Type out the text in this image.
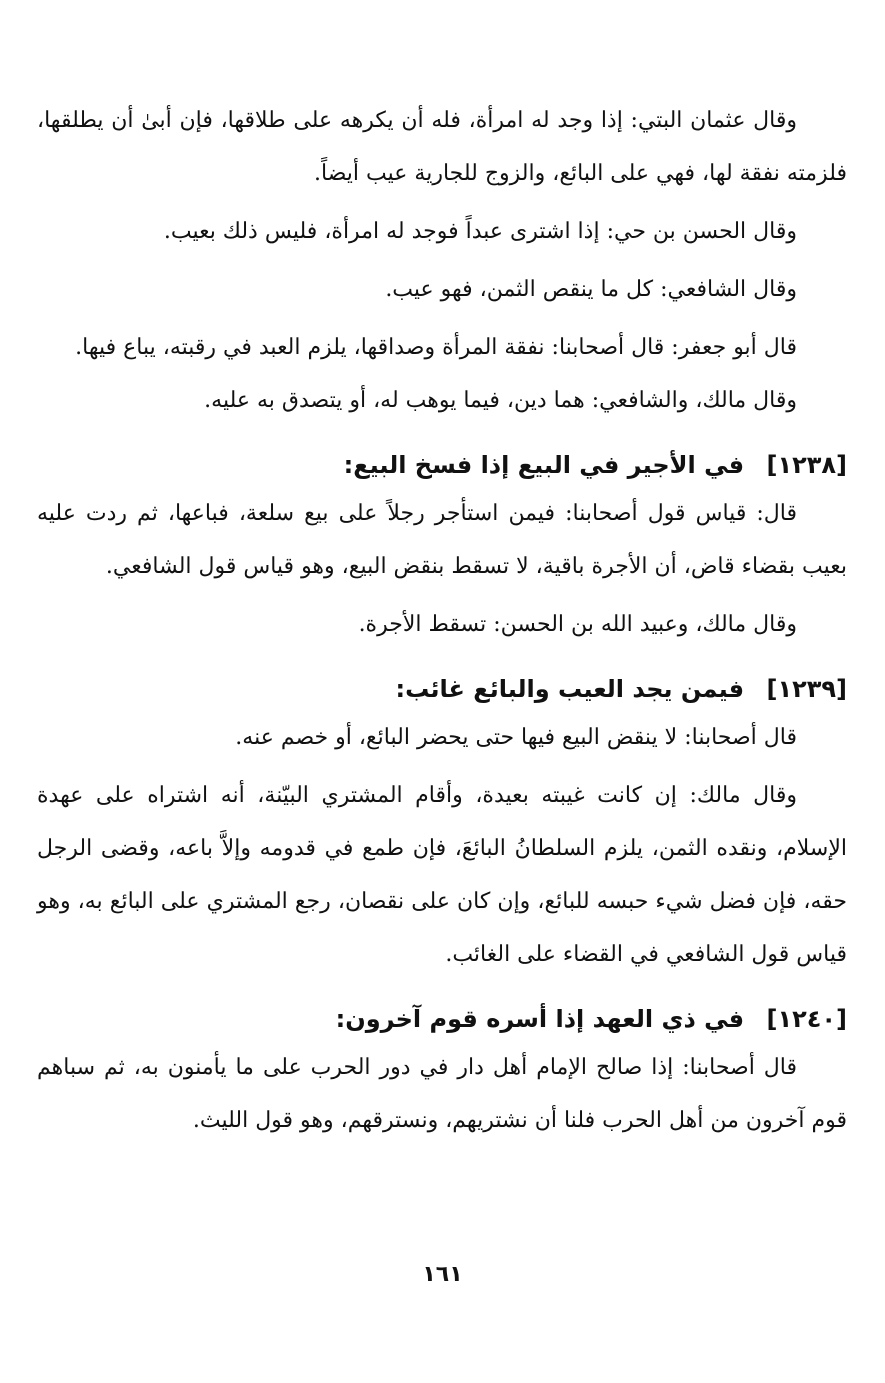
وقال عثمان البتي: إذا وجد له امرأة، فله أن يكرهه على طلاقها، فإن أبىٰ أن يطلقها، فلزمته نفقة لها، فهي على البائع، والزوج للجارية عيب أيضاً.

وقال الحسن بن حي: إذا اشترى عبداً فوجد له امرأة، فليس ذلك بعيب.

وقال الشافعي: كل ما ينقص الثمن، فهو عيب.

قال أبو جعفر: قال أصحابنا: نفقة المرأة وصداقها، يلزم العبد في رقبته، يباع فيها.

وقال مالك، والشافعي: هما دين، فيما يوهب له، أو يتصدق به عليه.

[١٢٣٨] في الأجير في البيع إذا فسخ البيع:

قال: قياس قول أصحابنا: فيمن استأجر رجلاً على بيع سلعة، فباعها، ثم ردت عليه بعيب بقضاء قاض، أن الأجرة باقية، لا تسقط بنقض البيع، وهو قياس قول الشافعي.

وقال مالك، وعبيد الله بن الحسن: تسقط الأجرة.

[١٢٣٩] فيمن يجد العيب والبائع غائب:

قال أصحابنا: لا ينقض البيع فيها حتى يحضر البائع، أو خصم عنه.

وقال مالك: إن كانت غيبته بعيدة، وأقام المشتري البيّنة، أنه اشتراه على عهدة الإسلام، ونقده الثمن، يلزم السلطانُ البائعَ، فإن طمع في قدومه وإلاَّ باعه، وقضى الرجل حقه، فإن فضل شيء حبسه للبائع، وإن كان على نقصان، رجع المشتري على البائع به، وهو قياس قول الشافعي في القضاء على الغائب.

[١٢٤٠] في ذي العهد إذا أسره قوم آخرون:

قال أصحابنا: إذا صالح الإمام أهل دار في دور الحرب على ما يأمنون به، ثم سباهم قوم آخرون من أهل الحرب فلنا أن نشتريهم، ونسترقهم، وهو قول الليث.

١٦١
